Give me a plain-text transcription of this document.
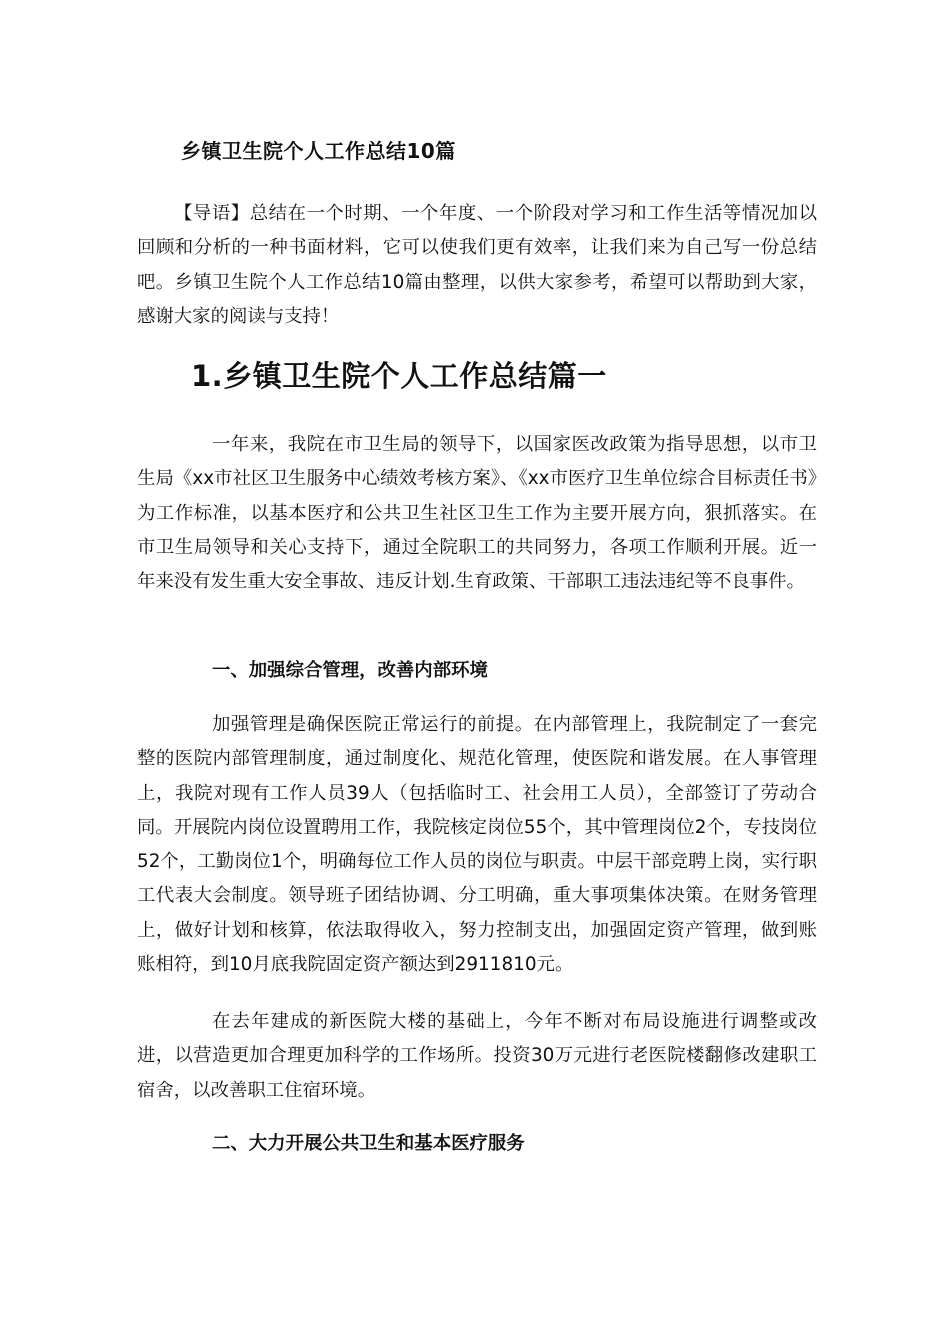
乡镇卫生院个人工作总结10篇

【导语】总结在一个时期、一个年度、一个阶段对学习和工作生活等情况加以回顾和分析的一种书面材料，它可以使我们更有效率，让我们来为自己写一份总结吧。乡镇卫生院个人工作总结10篇由整理，以供大家参考，希望可以帮助到大家，感谢大家的阅读与支持！

1.乡镇卫生院个人工作总结篇一

一年来，我院在市卫生局的领导下，以国家医改政策为指导思想，以市卫生局《xx市社区卫生服务中心绩效考核方案》、《xx市医疗卫生单位综合目标责任书》为工作标准，以基本医疗和公共卫生社区卫生工作为主要开展方向，狠抓落实。在市卫生局领导和关心支持下，通过全院职工的共同努力，各项工作顺利开展。近一年来没有发生重大安全事故、违反计划.生育政策、干部职工违法违纪等不良事件。

一、加强综合管理，改善内部环境

加强管理是确保医院正常运行的前提。在内部管理上，我院制定了一套完整的医院内部管理制度，通过制度化、规范化管理，使医院和谐发展。在人事管理上，我院对现有工作人员39人（包括临时工、社会用工人员），全部签订了劳动合同。开展院内岗位设置聘用工作，我院核定岗位55个，其中管理岗位2个，专技岗位52个，工勤岗位1个，明确每位工作人员的岗位与职责。中层干部竞聘上岗，实行职工代表大会制度。领导班子团结协调、分工明确，重大事项集体决策。在财务管理上，做好计划和核算，依法取得收入，努力控制支出，加强固定资产管理，做到账账相符，到10月底我院固定资产额达到2911810元。

在去年建成的新医院大楼的基础上，今年不断对布局设施进行调整或改进，以营造更加合理更加科学的工作场所。投资30万元进行老医院楼翻修改建职工宿舍，以改善职工住宿环境。

二、大力开展公共卫生和基本医疗服务
